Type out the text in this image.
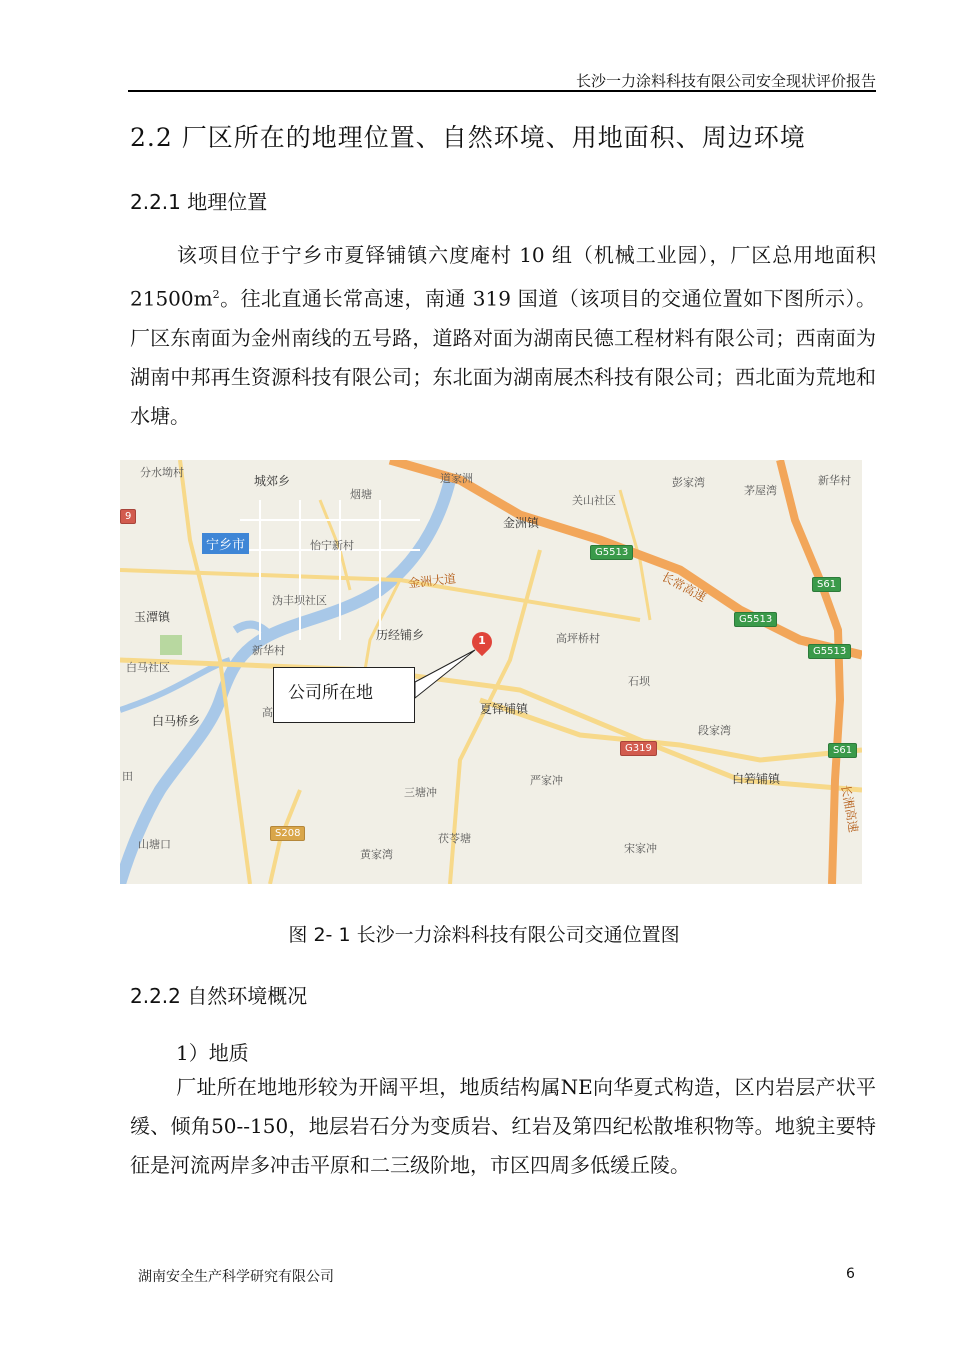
长沙一力涂料科技有限公司安全现状评价报告
2.2 厂区所在的地理位置、自然环境、用地面积、周边环境
2.2.1 地理位置
该项目位于宁乡市夏铎铺镇六度庵村 10 组（机械工业园），厂区总用地面积 $21500m^2$。往北直通长常高速，南通 319 国道（该项目的交通位置如下图所示）。厂区东南面为金州南线的五号路，道路对面为湖南民德工程材料有限公司；西南面为湖南中邦再生资源科技有限公司；东北面为湖南展杰科技有限公司；西北面为荒地和水塘。
分水坳村
城郊乡
烟塘
道家洲
关山社区
彭家湾
茅屋湾
新华村
怡宁新村
金洲镇
玉潭镇
沩丰坝社区
历经铺乡	高坪桥村
白马社区
新华村
石坝
白马桥乡
夏铎铺镇
段家湾
严家冲	白箬铺镇
三塘冲
山塘口	茯苓塘
黄家湾	宋家冲
田
高
宁乡市
金洲大道	长常高速
长湘高速
G5513
G5513
G5513
S61
S61
G319
S208
9
1
公司所在地
图 2- 1 长沙一力涂料科技有限公司交通位置图
2.2.2 自然环境概况
1）地质
厂址所在地地形较为开阔平坦，地质结构属NE向华夏式构造，区内岩层产状平缓、倾角50--150，地层岩石分为变质岩、红岩及第四纪松散堆积物等。地貌主要特征是河流两岸多冲击平原和二三级阶地，市区四周多低缓丘陵。
湖南安全生产科学研究有限公司	6
